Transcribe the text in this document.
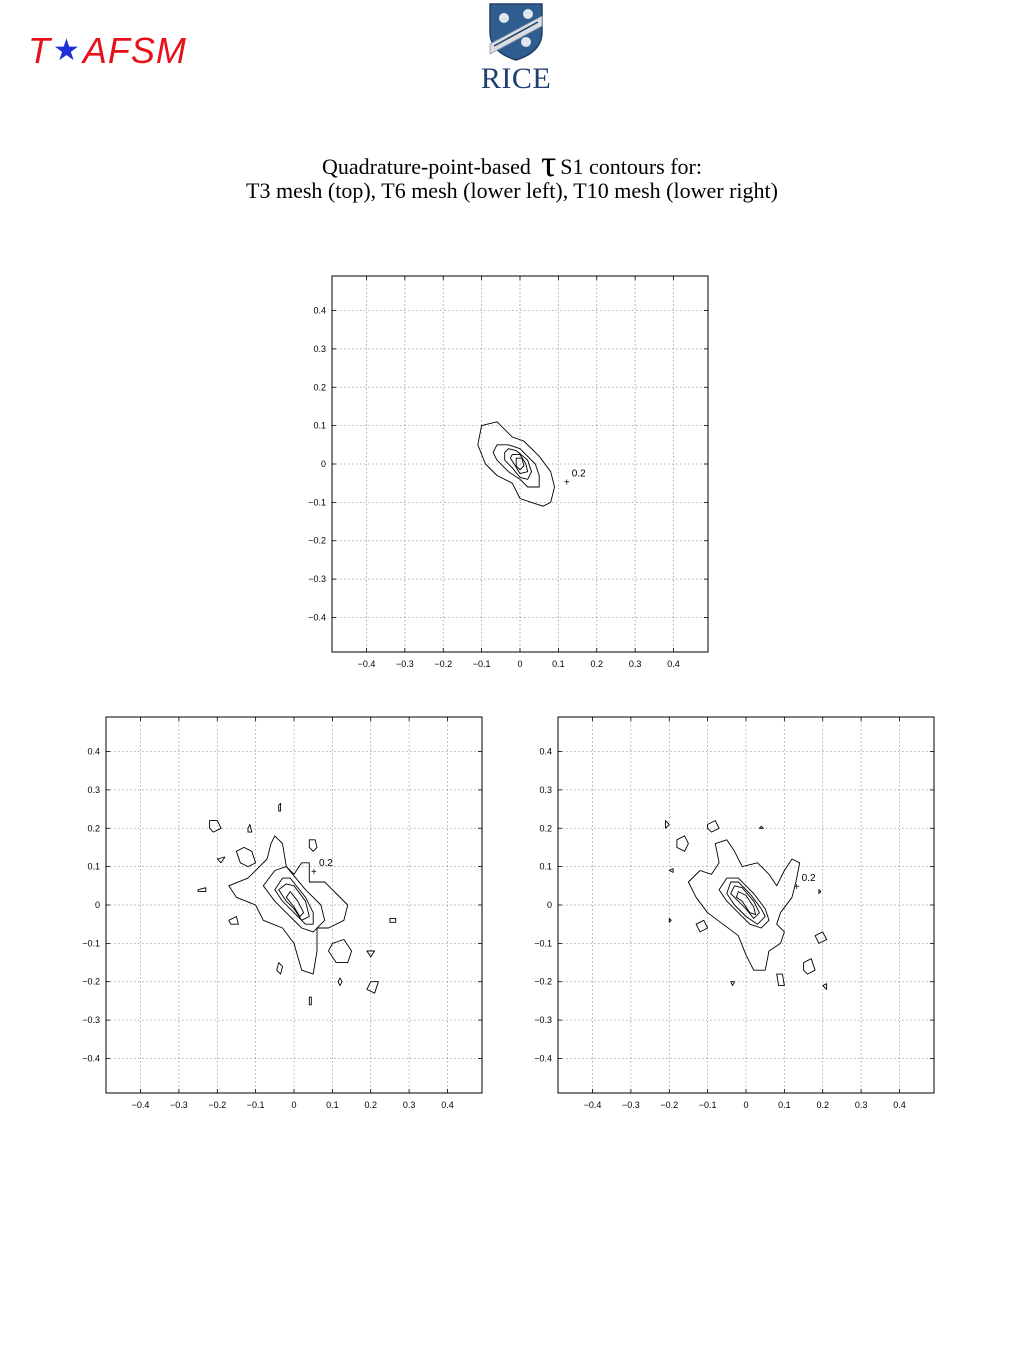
T★AFSM
RICE
Quadrature-point-based τ S1 contours for:
T3 mesh (top), T6 mesh (lower left), T10 mesh (lower right)
−0.4
−0.4
−0.3
−0.3
−0.2
−0.2
−0.1
−0.1
0
0
0.1
0.1
0.2
0.2
0.3
0.3
0.4
0.4
0.2
+
−0.4
−0.4
−0.3
−0.3
−0.2
−0.2
−0.1
−0.1
0
0
0.1
0.1
0.2
0.2
0.3
0.3
0.4
0.4
0.2
+
−0.4
−0.4
−0.3
−0.3
−0.2
−0.2
−0.1
−0.1
0
0
0.1
0.1
0.2
0.2
0.3
0.3
0.4
0.4
0.2
+
